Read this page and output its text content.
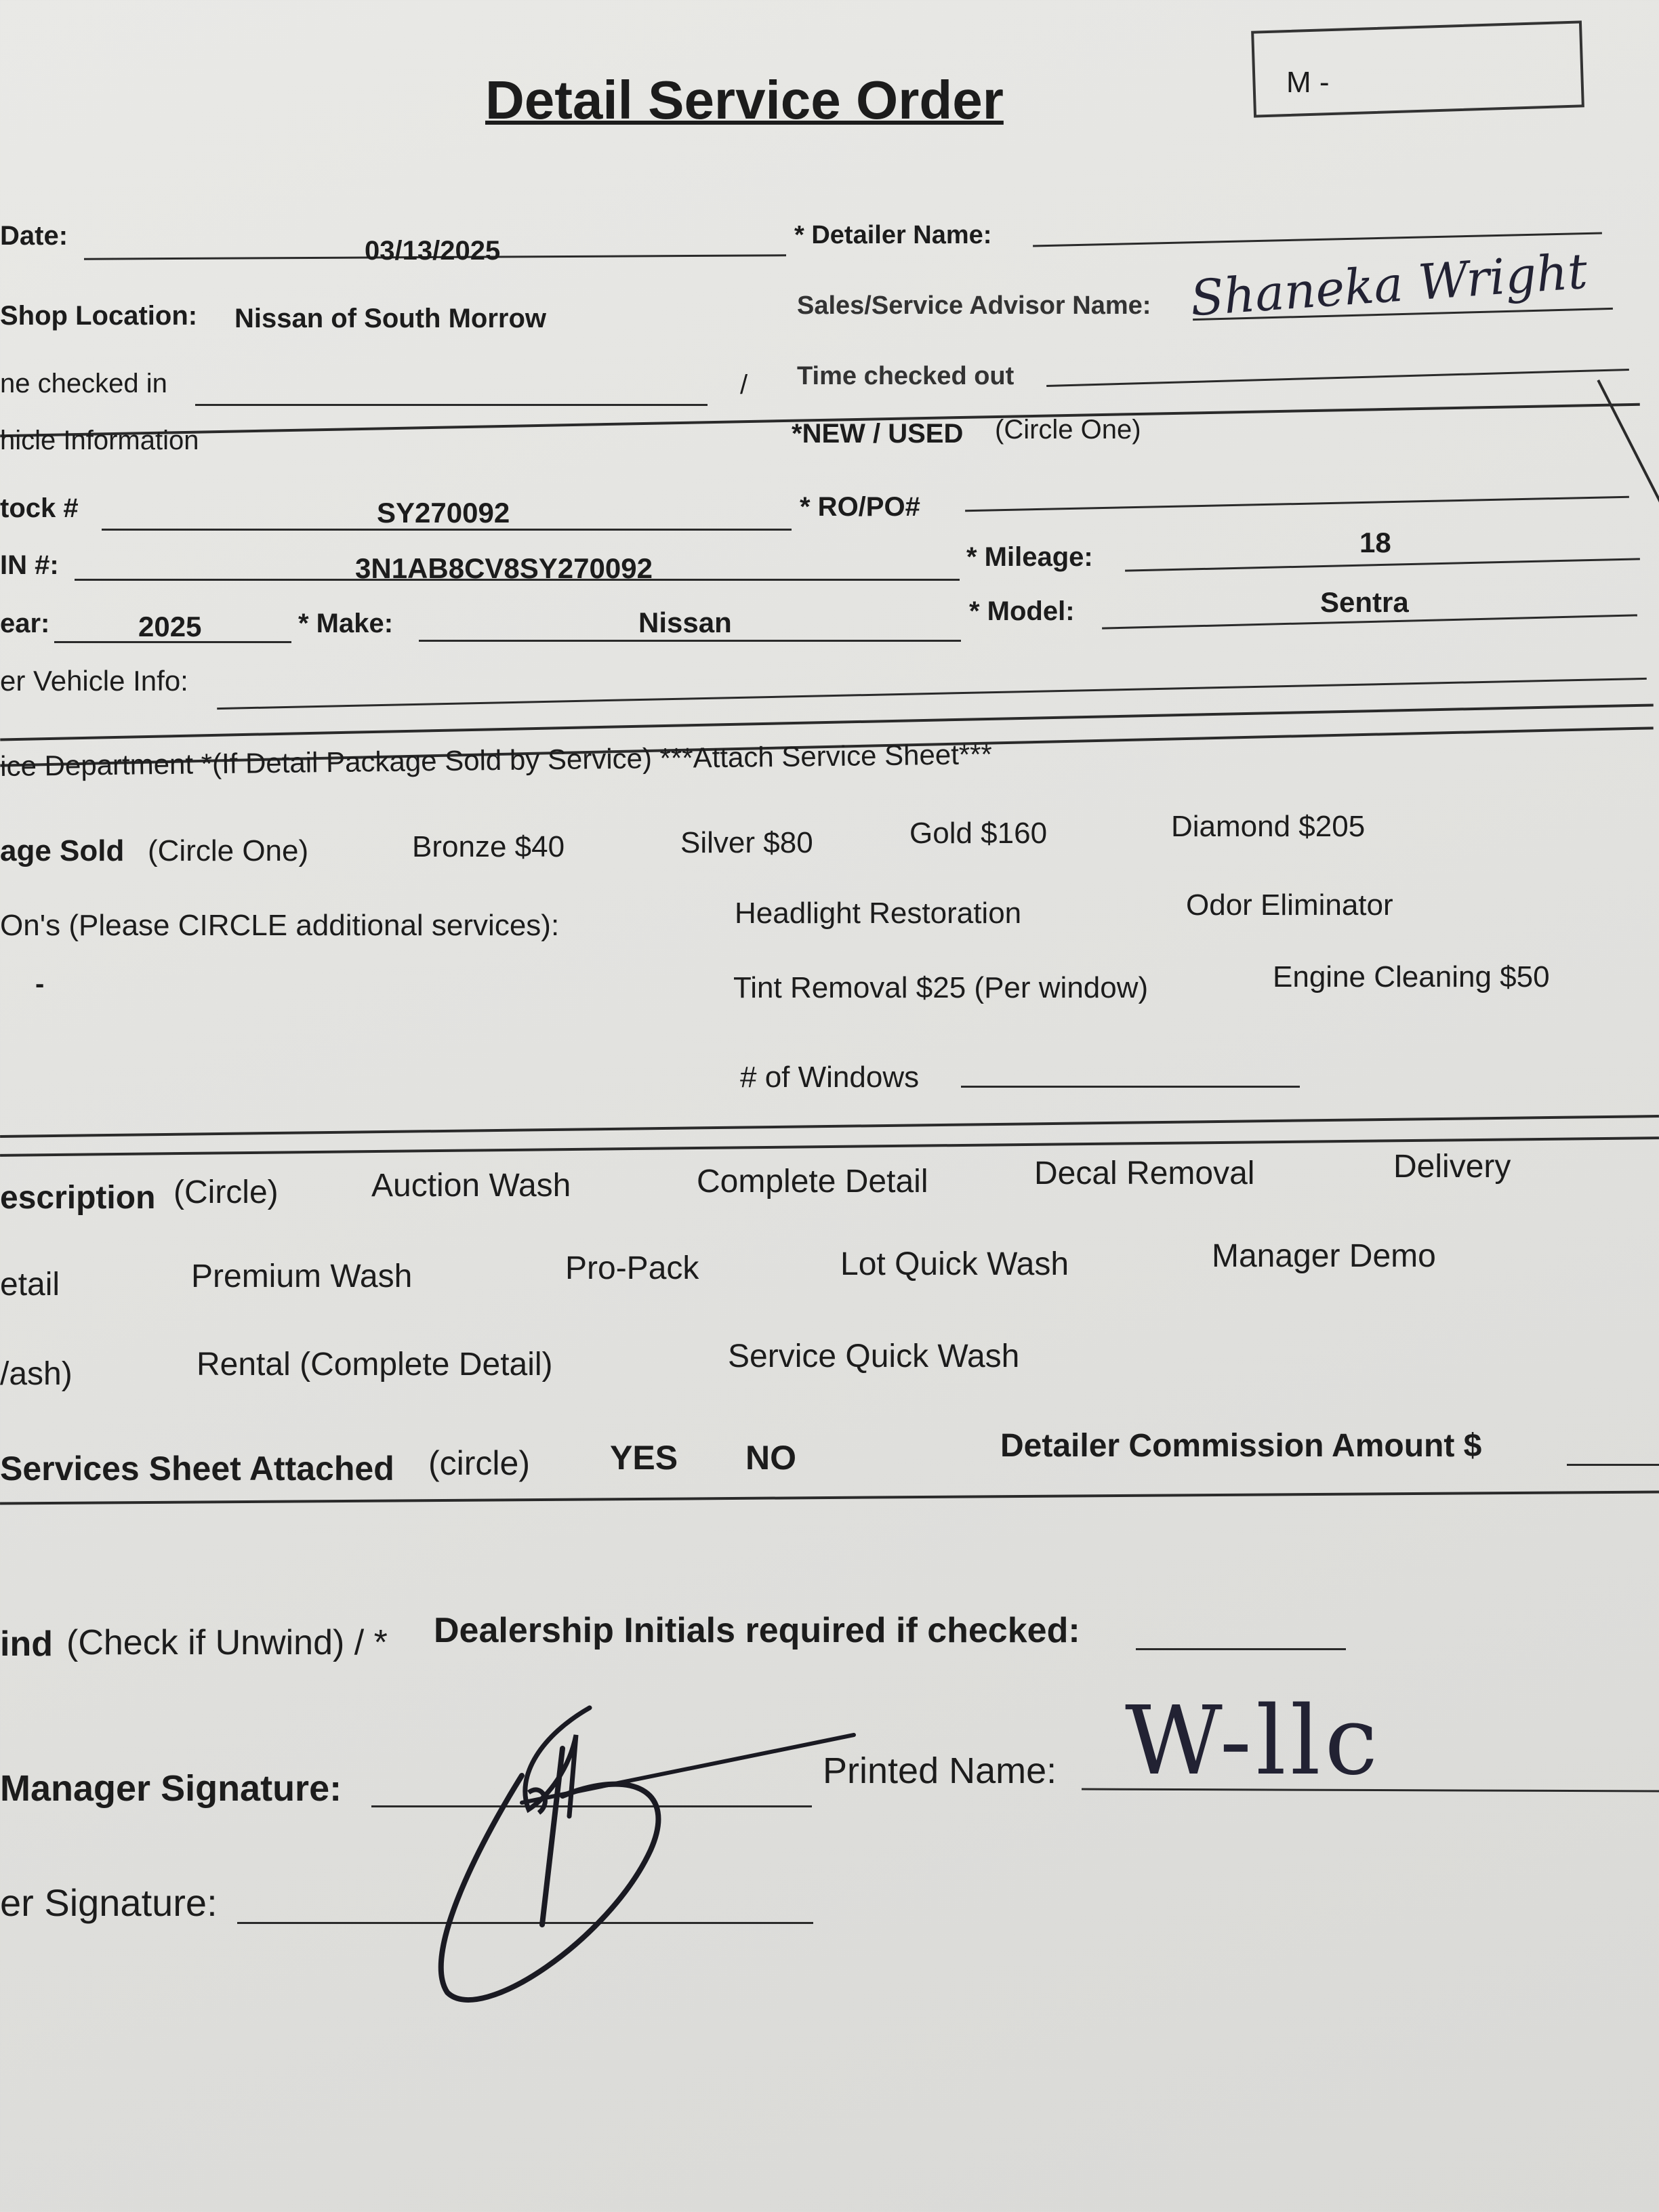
Detail Service Order	M -
Date:	03/13/2025
* Detailer Name:
Shop Location: Nissan of South Morrow	Sales/Service Advisor Name: Shaneka Wright
ne checked in	/ Time checked out
hicle Information	*NEW / USED (Circle One)
tock #	SY270092	* RO/PO#
IN #:	3N1AB8CV8SY270092	* Mileage:	18
ear:	2025	* Make:	Nissan	* Model:	Sentra
er Vehicle Info:
ice Department *(If Detail Package Sold by Service) ***Attach Service Sheet***
age Sold (Circle One)	Bronze $40	Silver $80	Gold $160	Diamond $205
On's (Please CIRCLE additional services):	Headlight Restoration	Odor Eliminator
-	Tint Removal $25 (Per window)	Engine Cleaning $50
# of Windows
escription (Circle)	Auction Wash	Complete Detail	Decal Removal	Delivery
etail	Premium Wash	Pro-Pack	Lot Quick Wash	Manager Demo
/ash)	Rental (Complete Detail)	Service Quick Wash
Services Sheet Attached (circle) YES NO	Detailer Commission Amount $
ind (Check if Unwind) / * Dealership Initials required if checked:
Manager Signature:	Printed Name: W-llc
er Signature:
